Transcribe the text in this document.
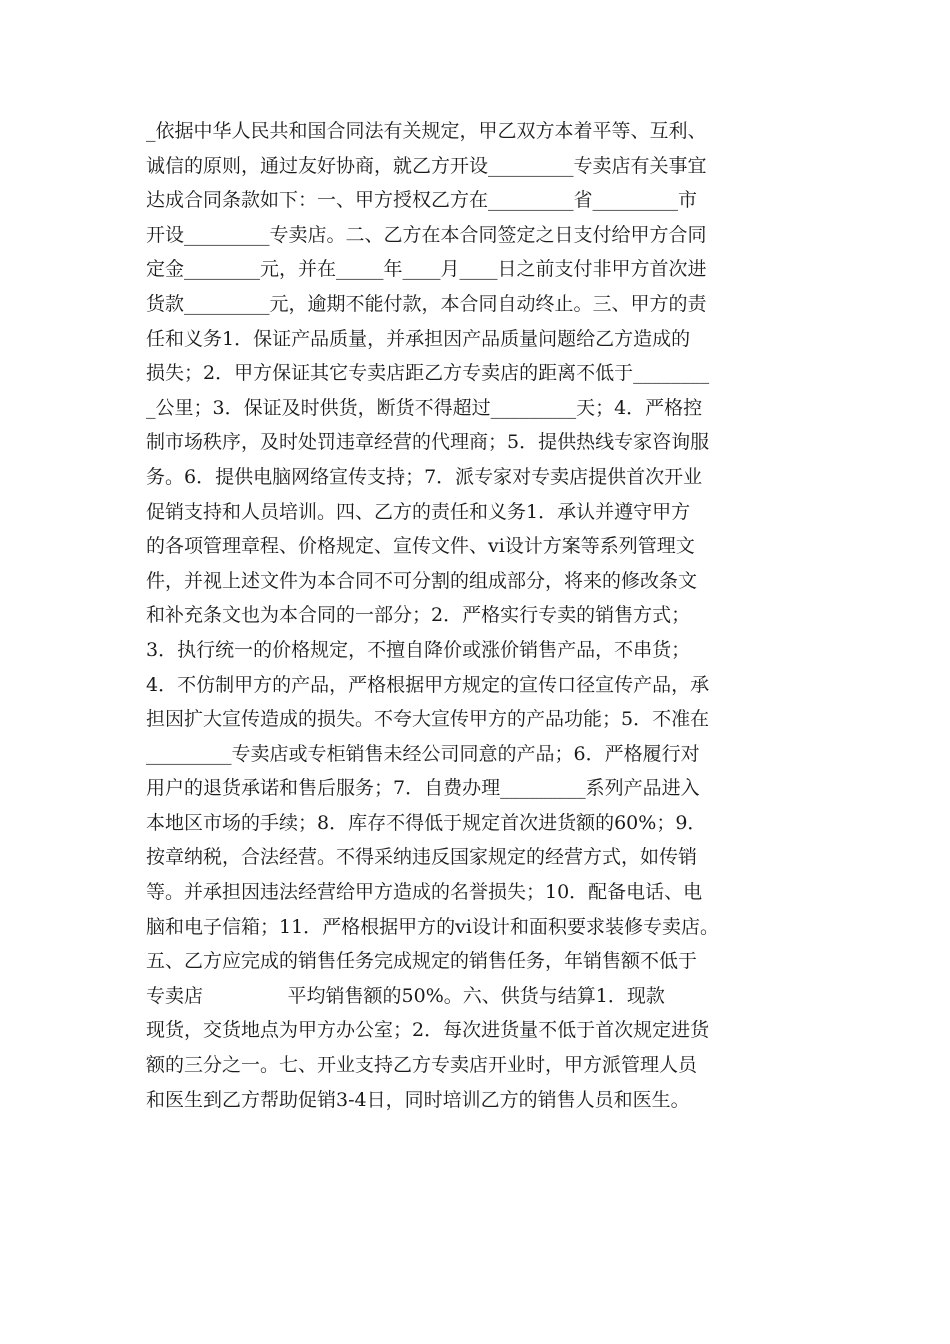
_依据中华人民共和国合同法有关规定，甲乙双方本着平等、互利、
诚信的原则，通过友好协商，就乙方开设_________专卖店有关事宜
达成合同条款如下：一、甲方授权乙方在_________省_________市
开设_________专卖店。二、乙方在本合同签定之日支付给甲方合同
定金________元，并在_____年____月____日之前支付非甲方首次进
货款_________元，逾期不能付款，本合同自动终止。三、甲方的责
任和义务1．保证产品质量，并承担因产品质量问题给乙方造成的
损失；2．甲方保证其它专卖店距乙方专卖店的距离不低于________
_公里；3．保证及时供货，断货不得超过_________天；4．严格控
制市场秩序，及时处罚违章经营的代理商；5．提供热线专家咨询服
务。6．提供电脑网络宣传支持；7．派专家对专卖店提供首次开业
促销支持和人员培训。四、乙方的责任和义务1．承认并遵守甲方
的各项管理章程、价格规定、宣传文件、vi设计方案等系列管理文
件，并视上述文件为本合同不可分割的组成部分，将来的修改条文
和补充条文也为本合同的一部分；2．严格实行专卖的销售方式；
3．执行统一的价格规定，不擅自降价或涨价销售产品，不串货；
4．不仿制甲方的产品，严格根据甲方规定的宣传口径宣传产品，承
担因扩大宣传造成的损失。不夸大宣传甲方的产品功能；5．不准在
_________专卖店或专柜销售未经公司同意的产品；6．严格履行对
用户的退货承诺和售后服务；7．自费办理_________系列产品进入
本地区市场的手续；8．库存不得低于规定首次进货额的60%；9．
按章纳税，合法经营。不得采纳违反国家规定的经营方式，如传销
等。并承担因违法经营给甲方造成的名誉损失；10．配备电话、电
脑和电子信箱；11．严格根据甲方的vi设计和面积要求装修专卖店。
五、乙方应完成的销售任务完成规定的销售任务，年销售额不低于
专卖店              平均销售额的50%。六、供货与结算1．现款
现货，交货地点为甲方办公室；2．每次进货量不低于首次规定进货
额的三分之一。七、开业支持乙方专卖店开业时，甲方派管理人员
和医生到乙方帮助促销3-4日，同时培训乙方的销售人员和医生。
